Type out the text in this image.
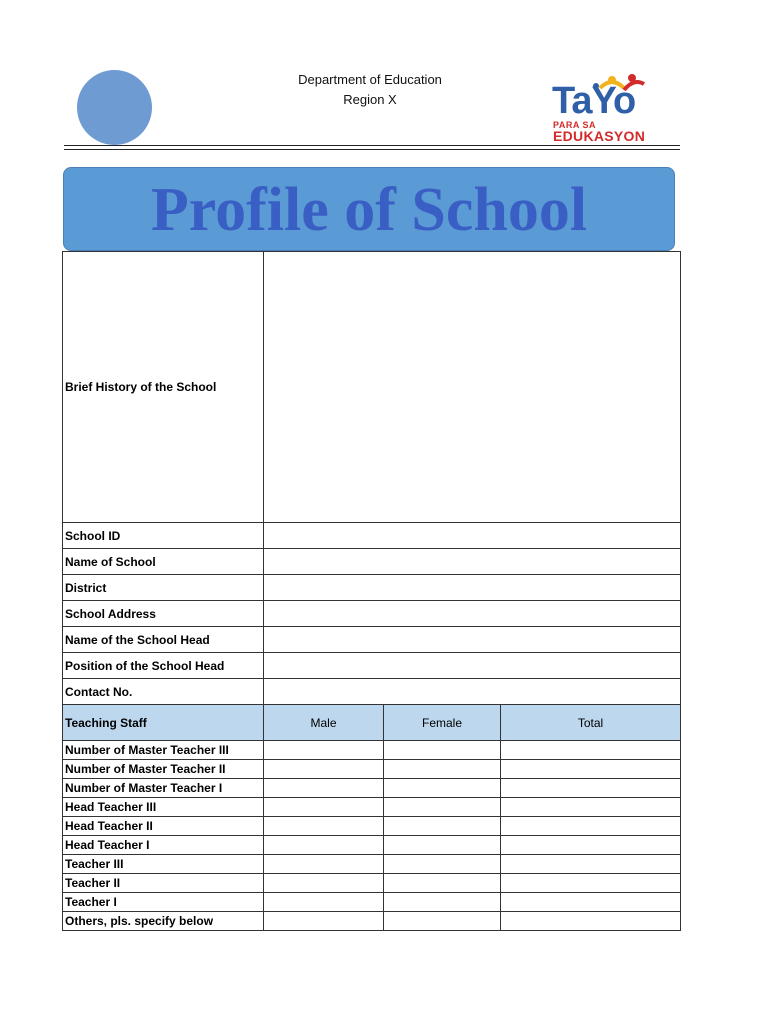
Department of Education
Region X	TaYo
PARA SA
EDUKASYON
Profile of School
Brief History of the School			
School ID			
Name of School			
District			
School Address			
Name of the School Head			
Position of the School Head			
Contact No.			
Teaching Staff	Male	Female	Total
Number of Master Teacher III			
Number of Master Teacher II			
Number of Master Teacher I			
Head Teacher III			
Head Teacher II			
Head Teacher I			
Teacher III			
Teacher II			
Teacher I			
Others, pls. specify below			
